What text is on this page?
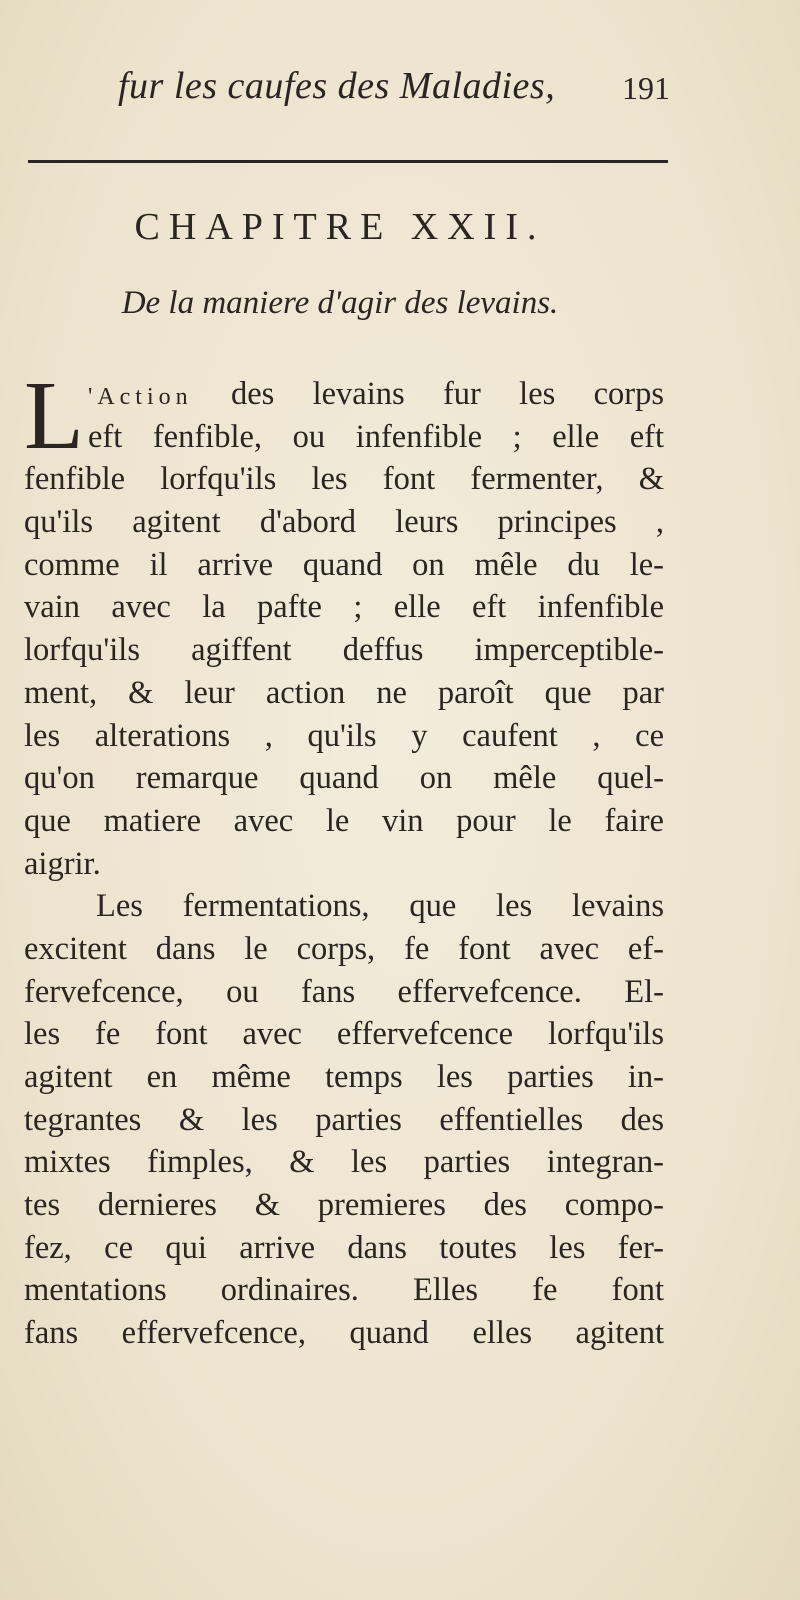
fur les caufes des Maladies, 191
CHAPITRE XXII.
De la maniere d'agir des levains.
L 'Action des levains fur les corps
eft fenfible, ou infenfible ; elle eft
fenfible lorfqu'ils les font fermenter, &
qu'ils agitent d'abord leurs principes ,
comme il arrive quand on mêle du le-
vain avec la pafte ; elle eft infenfible
lorfqu'ils agiffent deffus imperceptible-
ment, & leur action ne paroît que par
les alterations , qu'ils y caufent , ce
qu'on remarque quand on mêle quel-
que matiere avec le vin pour le faire
aigrir.
Les fermentations, que les levains
excitent dans le corps, fe font avec ef-
fervefcence, ou fans effervefcence. El-
les fe font avec effervefcence lorfqu'ils
agitent en même temps les parties in-
tegrantes & les parties effentielles des
mixtes fimples, & les parties integran-
tes dernieres & premieres des compo-
fez, ce qui arrive dans toutes les fer-
mentations ordinaires. Elles fe font
fans effervefcence, quand elles agitent
